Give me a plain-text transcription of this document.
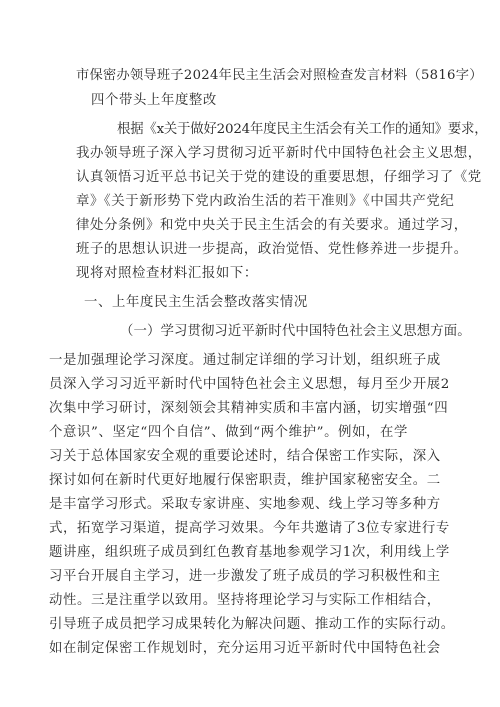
市保密办领导班子2024年民主生活会对照检查发言材料（5816字）
四个带头上年度整改
根据《x关于做好2024年度民主生活会有关工作的通知》要求，
我办领导班子深入学习贯彻习近平新时代中国特色社会主义思想，
认真领悟习近平总书记关于党的建设的重要思想，仔细学习了《党
章》《关于新形势下党内政治生活的若干准则》《中国共产党纪
律处分条例》和党中央关于民主生活会的有关要求。通过学习，
班子的思想认识进一步提高，政治觉悟、党性修养进一步提升。
现将对照检查材料汇报如下：
一、上年度民主生活会整改落实情况
（一）学习贯彻习近平新时代中国特色社会主义思想方面。
一是加强理论学习深度。通过制定详细的学习计划，组织班子成
员深入学习习近平新时代中国特色社会主义思想，每月至少开展2
次集中学习研讨，深刻领会其精神实质和丰富内涵，切实增强“四
个意识”、坚定“四个自信”、做到“两个维护”。例如，在学
习关于总体国家安全观的重要论述时，结合保密工作实际，深入
探讨如何在新时代更好地履行保密职责，维护国家秘密安全。二
是丰富学习形式。采取专家讲座、实地参观、线上学习等多种方
式，拓宽学习渠道，提高学习效果。今年共邀请了3位专家进行专
题讲座，组织班子成员到红色教育基地参观学习1次，利用线上学
习平台开展自主学习，进一步激发了班子成员的学习积极性和主
动性。三是注重学以致用。坚持将理论学习与实际工作相结合，
引导班子成员把学习成果转化为解决问题、推动工作的实际行动。
如在制定保密工作规划时，充分运用习近平新时代中国特色社会
